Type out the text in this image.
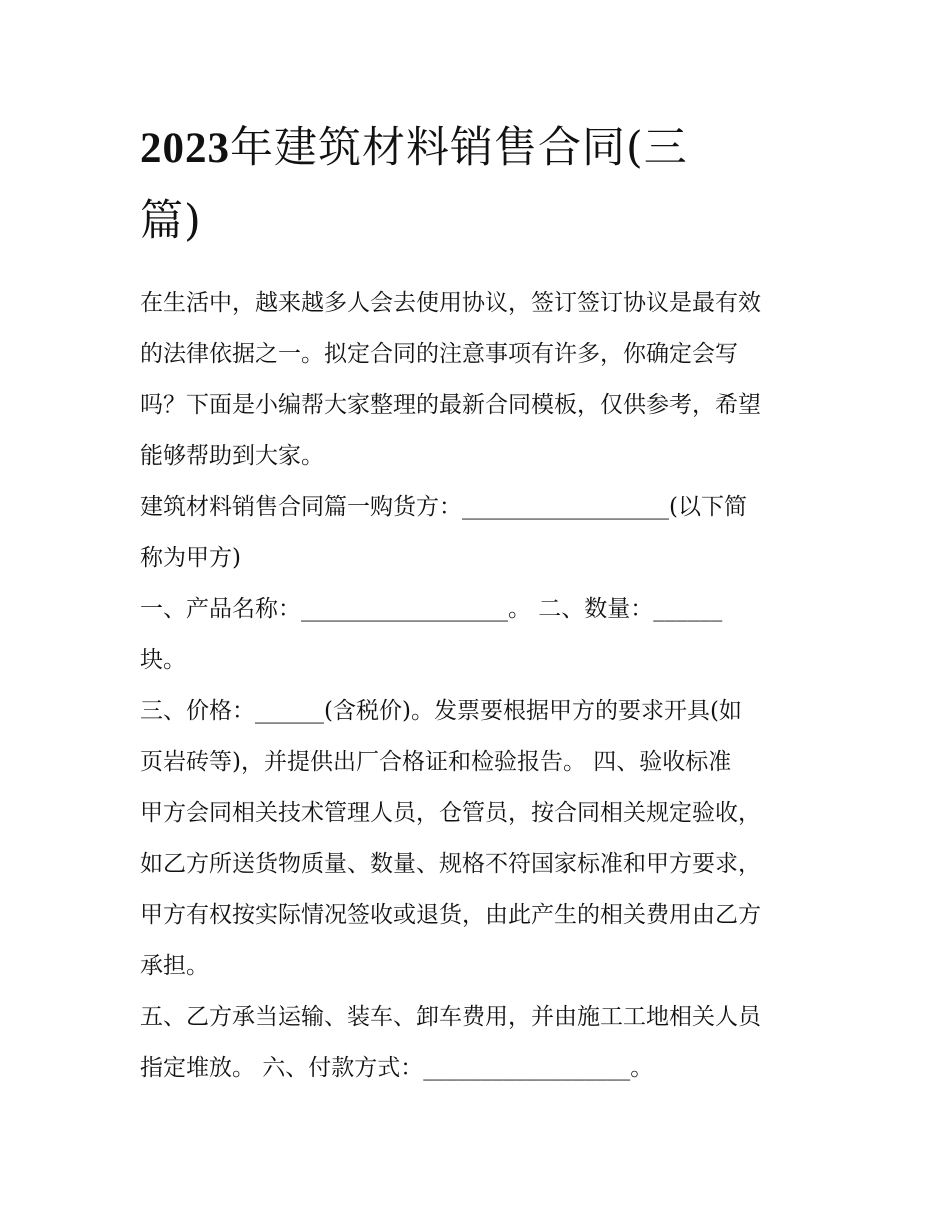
2023年建筑材料销售合同(三
篇)
在生活中，越来越多人会去使用协议，签订签订协议是最有效
的法律依据之一。拟定合同的注意事项有许多，你确定会写
吗？下面是小编帮大家整理的最新合同模板，仅供参考，希望
能够帮助到大家。
建筑材料销售合同篇一购货方：__________________(以下简
称为甲方)
一、产品名称：__________________。 二、数量：______
块。
三、价格：______(含税价)。发票要根据甲方的要求开具(如
页岩砖等)，并提供出厂合格证和检验报告。 四、验收标准
甲方会同相关技术管理人员，仓管员，按合同相关规定验收，
如乙方所送货物质量、数量、规格不符国家标准和甲方要求，
甲方有权按实际情况签收或退货，由此产生的相关费用由乙方
承担。
五、乙方承当运输、装车、卸车费用，并由施工工地相关人员
指定堆放。 六、付款方式：__________________。
